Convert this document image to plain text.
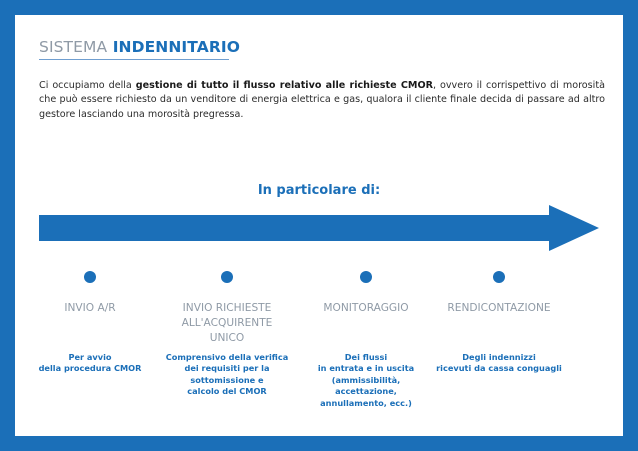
SISTEMA INDENNITARIO

Ci occupiamo della gestione di tutto il flusso relativo alle richieste CMOR, ovvero il corrispettivo di morosità che può essere richiesto da un venditore di energia elettrica e gas, qualora il cliente finale decida di passare ad altro gestore lasciando una morosità pregressa.

In particolare di:
INVIO A/R
Per avvio
della procedura CMOR
INVIO RICHIESTE
ALL'ACQUIRENTE
UNICO
Comprensivo della verifica
dei requisiti per la
sottomissione e
calcolo del CMOR
MONITORAGGIO
Dei flussi
in entrata e in uscita
(ammissibilità, accettazione,
annullamento, ecc.)
RENDICONTAZIONE
Degli indennizzi
ricevuti da cassa conguagli
